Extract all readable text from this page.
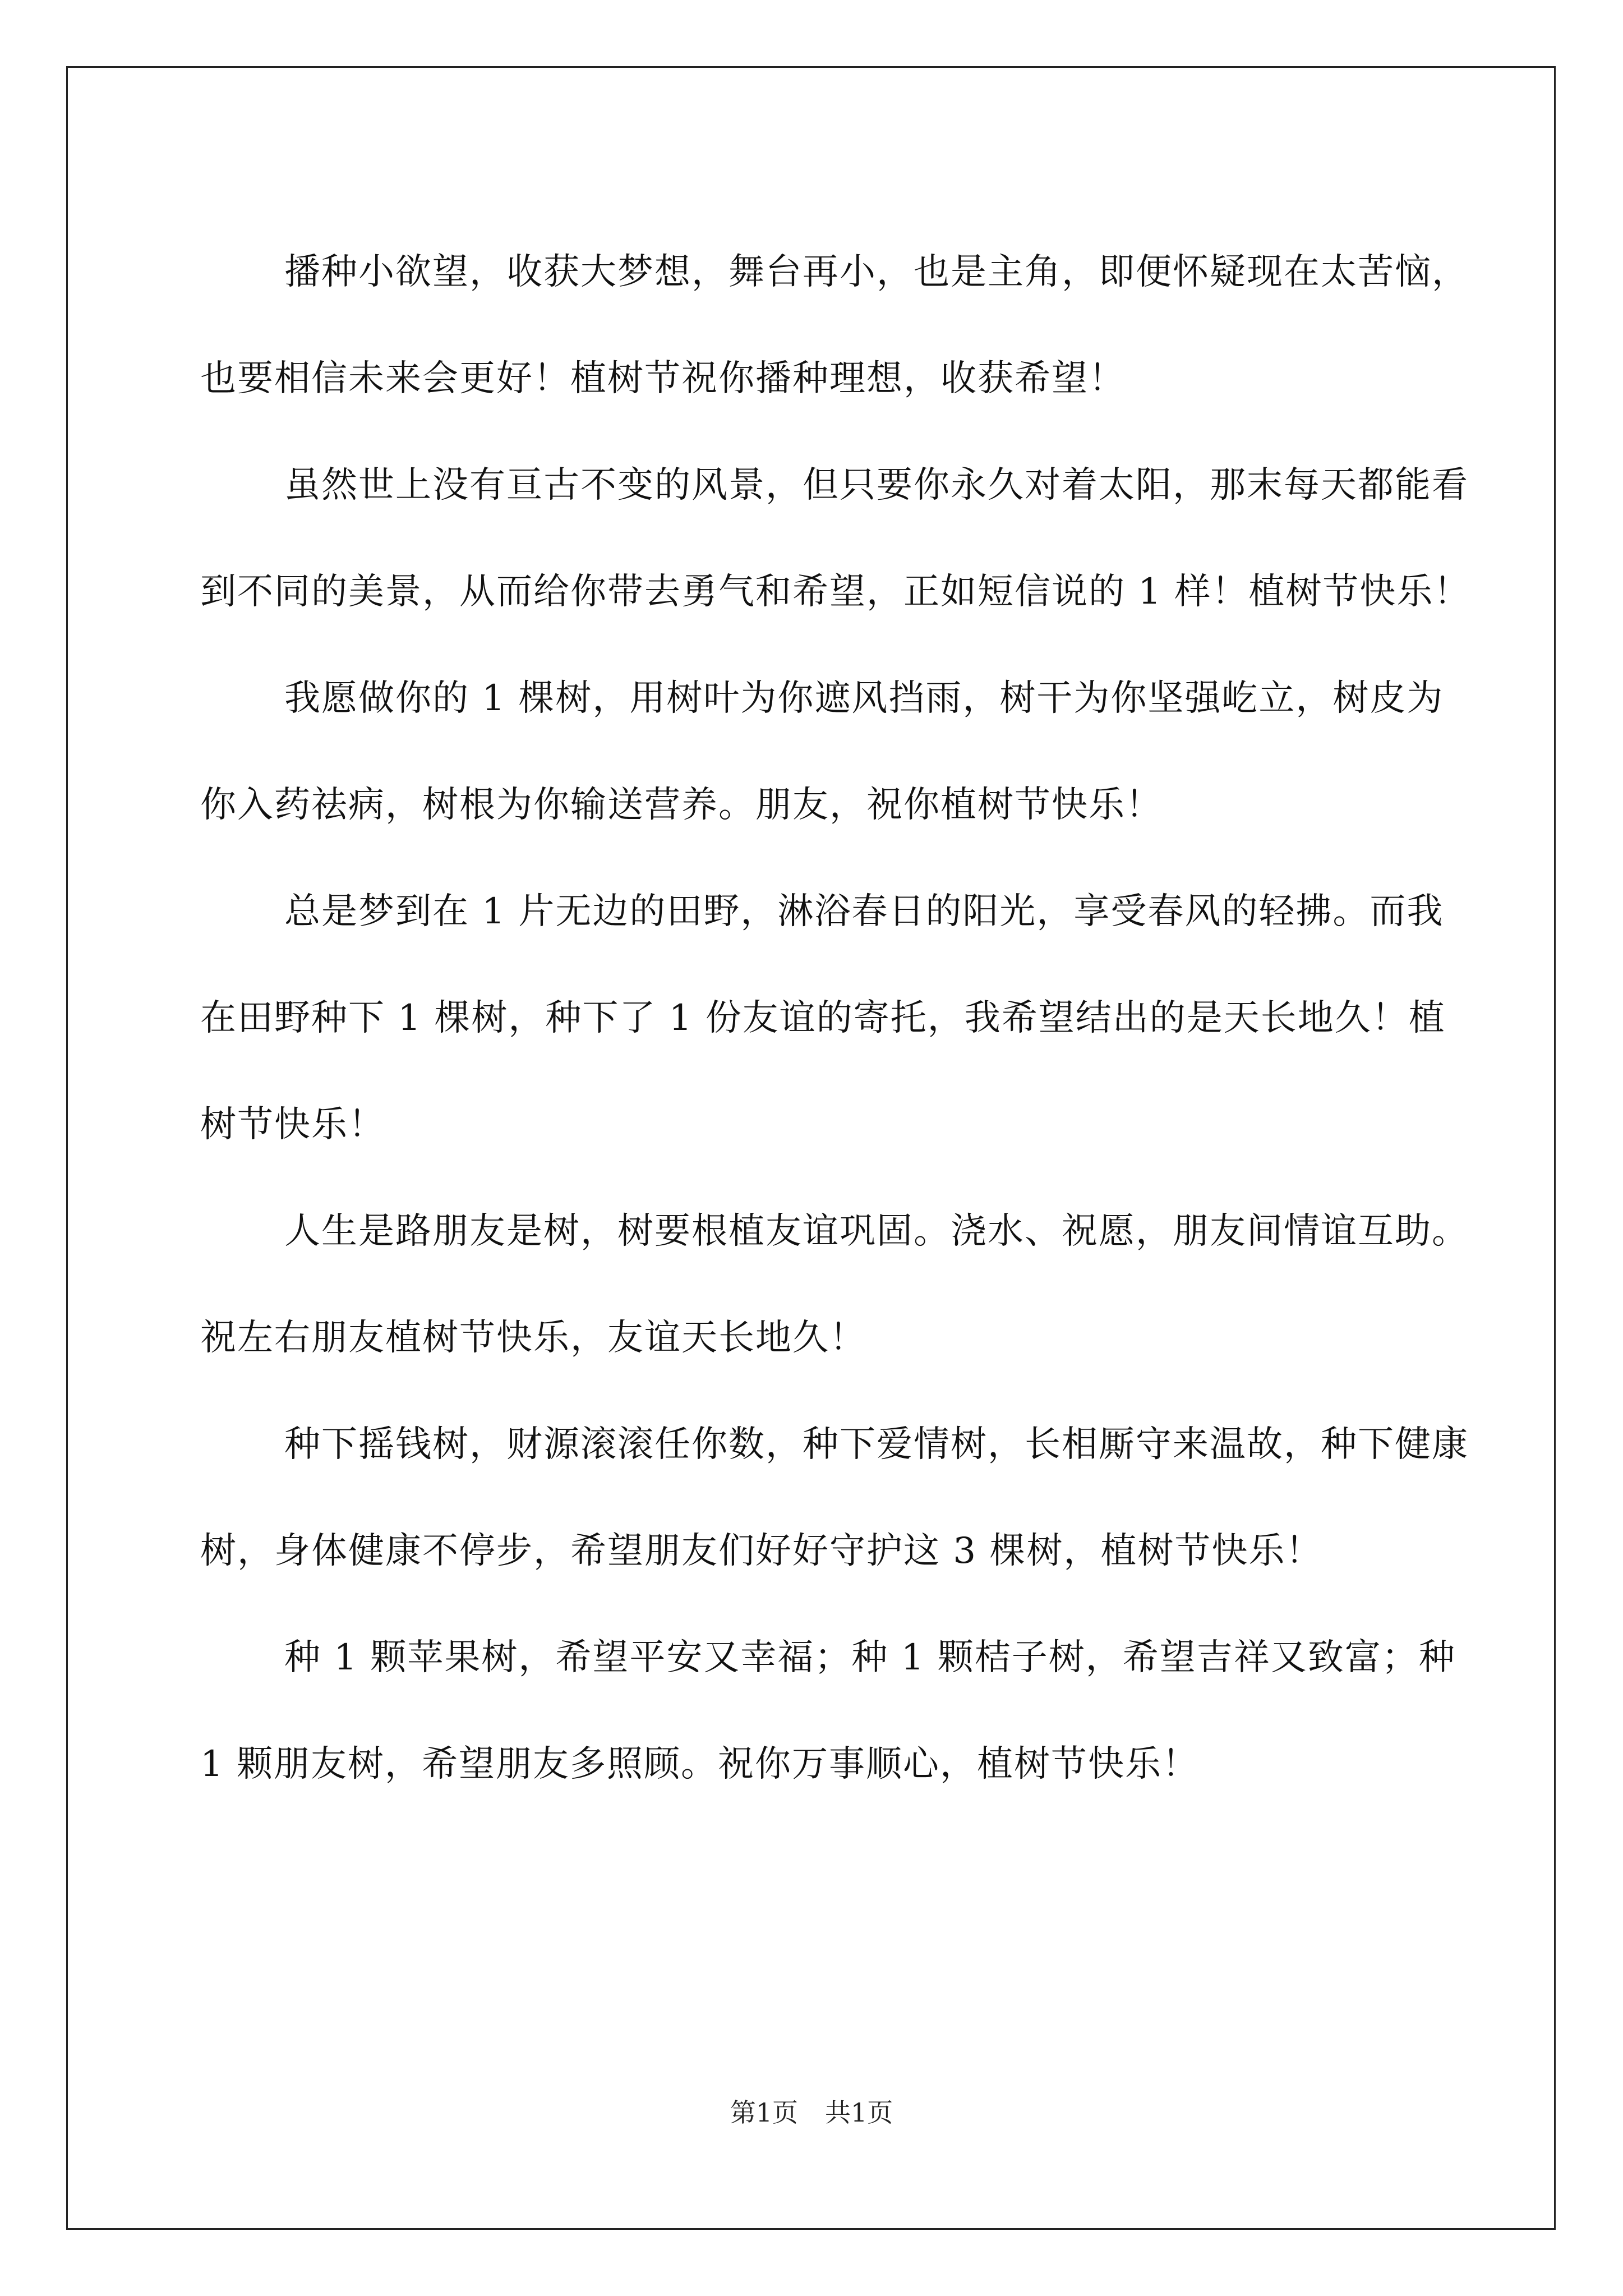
播种小欲望，收获大梦想，舞台再小，也是主角，即便怀疑现在太苦恼，也要相信未来会更好！植树节祝你播种理想，收获希望！

虽然世上没有亘古不变的风景，但只要你永久对着太阳，那末每天都能看到不同的美景，从而给你带去勇气和希望，正如短信说的 1 样！植树节快乐！

我愿做你的 1 棵树，用树叶为你遮风挡雨，树干为你坚强屹立，树皮为你入药祛病，树根为你输送营养。朋友，祝你植树节快乐！

总是梦到在 1 片无边的田野，淋浴春日的阳光，享受春风的轻拂。而我在田野种下 1 棵树，种下了 1 份友谊的寄托，我希望结出的是天长地久！植树节快乐！

人生是路朋友是树，树要根植友谊巩固。浇水、祝愿，朋友间情谊互助。祝左右朋友植树节快乐，友谊天长地久！

种下摇钱树，财源滚滚任你数，种下爱情树，长相厮守来温故，种下健康树，身体健康不停步，希望朋友们好好守护这 3 棵树，植树节快乐！

种 1 颗苹果树，希望平安又幸福；种 1 颗桔子树，希望吉祥又致富；种 1 颗朋友树，希望朋友多照顾。祝你万事顺心，植树节快乐！

第1页 共1页
